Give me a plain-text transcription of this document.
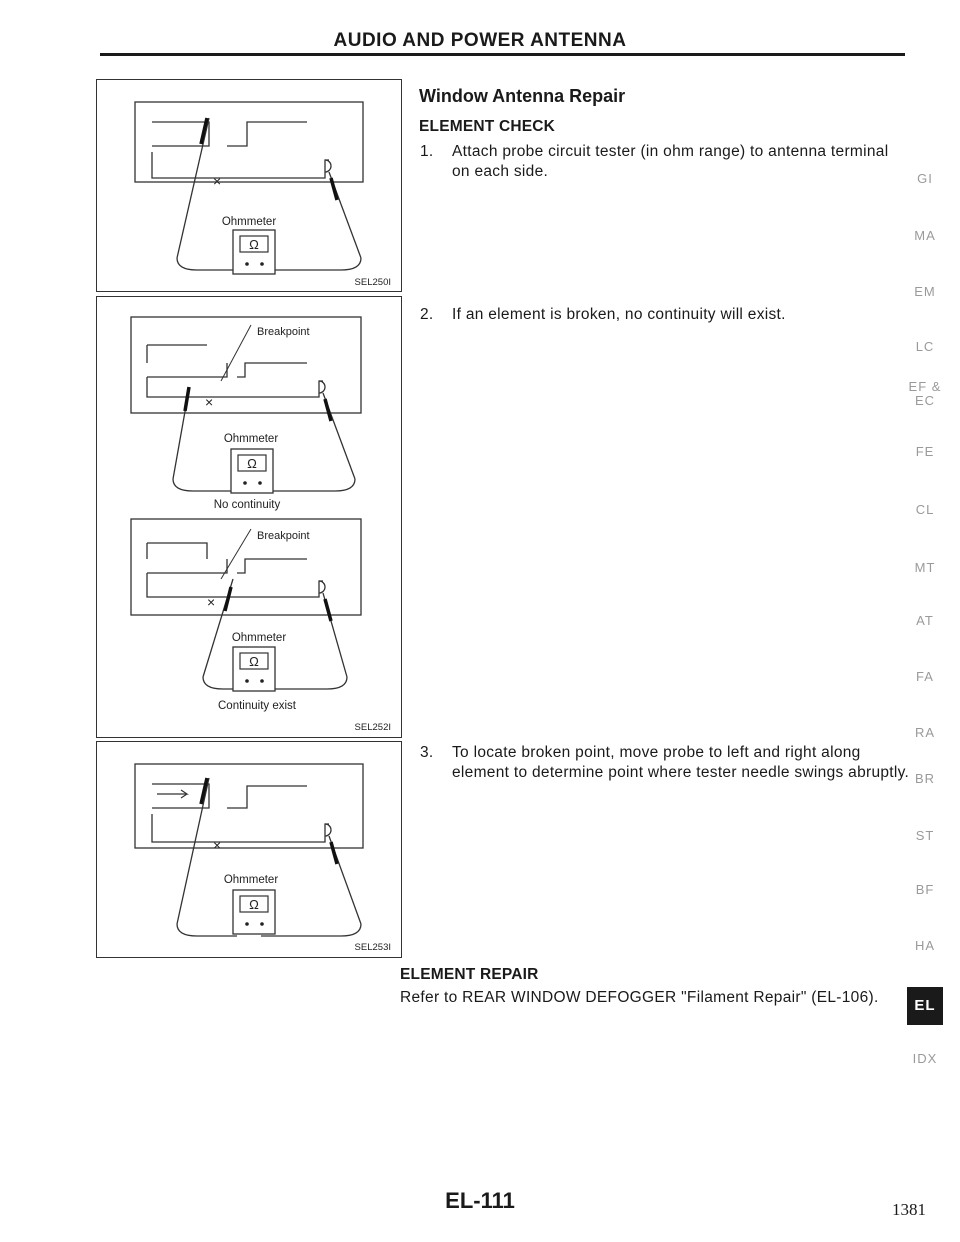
AUDIO AND POWER ANTENNA
×
Ohmmeter
Ω
SEL250I
Breakpoint
×
Ohmmeter
Ω
No continuity
Breakpoint
×
Ohmmeter
Ω
Continuity exist
SEL252I
×
Ohmmeter
Ω
SEL253I
Window Antenna Repair
ELEMENT CHECK
1. Attach probe circuit tester (in ohm range) to antenna terminal on each side.
2. If an element is broken, no continuity will exist.
3. To locate broken point, move probe to left and right along element to determine point where tester needle swings abruptly.
ELEMENT REPAIR
Refer to REAR WINDOW DEFOGGER "Filament Repair" (EL-106).
GI
MA
EM
LC
EF &
EC
FE
CL
MT
AT
FA
RA
BR
ST
BF
HA
EL
IDX
EL-111	1381
